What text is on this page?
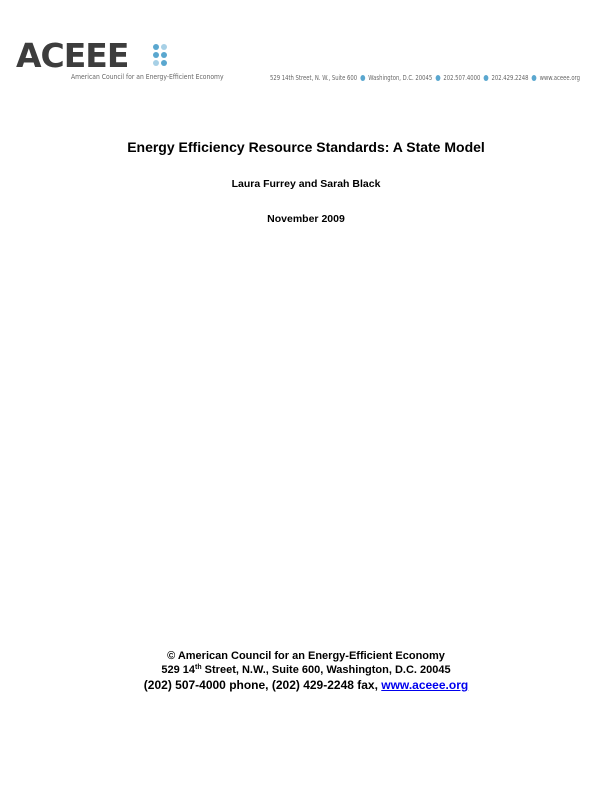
ACEEE
American Council for an Energy-Efficient Economy	529 14th Street, N. W., Suite 600 Washington, D.C. 20045 202.507.4000 202.429.2248 www.aceee.org
Energy Efficiency Resource Standards: A State Model
Laura Furrey and Sarah Black
November 2009
© American Council for an Energy-Efficient Economy
529 14th Street, N.W., Suite 600, Washington, D.C. 20045
(202) 507-4000 phone, (202) 429-2248 fax, www.aceee.org
